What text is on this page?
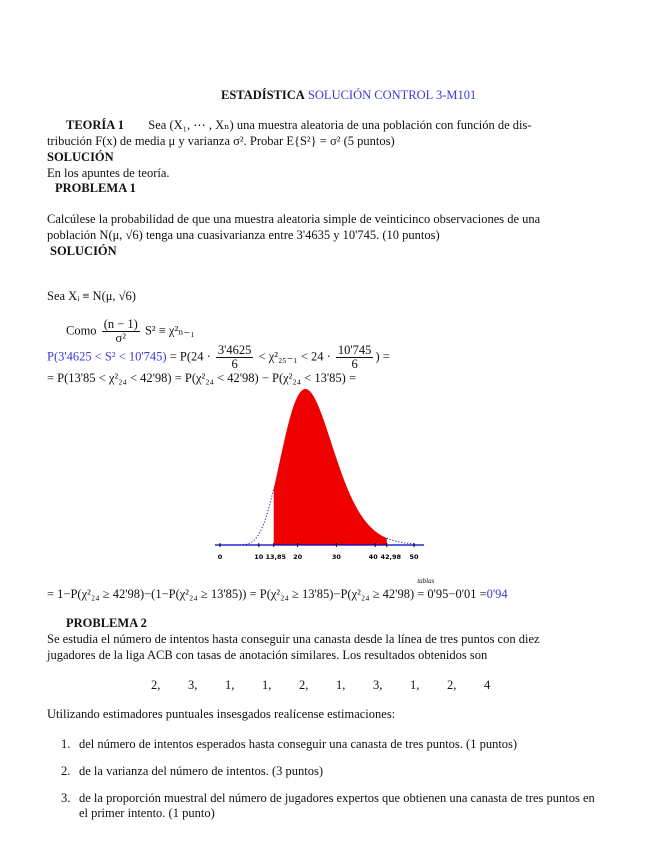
ESTADÍSTICA SOLUCIÓN CONTROL 3-M101
TEORÍA 1 Sea (X₁, ⋯ , Xₙ) una muestra aleatoria de una población con función de dis-
tribución F(x) de media μ y varianza σ². Probar E{S²} = σ² (5 puntos)
SOLUCIÓN
En los apuntes de teoría.
PROBLEMA 1
Calcúlese la probabilidad de que una muestra aleatoria simple de veinticinco observaciones de una
población N(μ, √6) tenga una cuasivarianza entre 3'4635 y 10'745. (10 puntos)
SOLUCIÓN
Sea Xᵢ ≡ N(μ, √6)
Como $\frac{(n - 1)}{\text{σ²}} S^2 \equiv \chi^2_{n-1}$
$P(3'4625 < S^2 < 10'745) = P(24 \cdot \frac{3'4625}{6} < \chi^2_{25-1} < 24 \cdot \frac{10'745}{6}$ ) =
= P(13'85 < χ²₂₄ < 42'98) = P(χ²₂₄ < 42'98) − P(χ²₂₄ < 13'85) =
0	10 13,85 20	30	40 42,98 50
= 1−P(χ²₂₄ ≥ 42'98)−(1−P(χ²₂₄ ≥ 13'85)) = P(χ²₂₄ ≥ 13'85)−P(χ²₂₄ ≥ 42'98)
tablas
= 0'95−0'01 =0'94
PROBLEMA 2
Se estudia el número de intentos hasta conseguir una canasta desde la línea de tres puntos con diez
jugadores de la liga ACB con tasas de anotación similares. Los resultados obtenidos son
2, 3, 1, 1, 2, 1, 3, 1, 2, 4
Utilizando estimadores puntuales insesgados realícense estimaciones:
1. del número de intentos esperados hasta conseguir una canasta de tres puntos. (1 puntos)
2. de la varianza del número de intentos. (3 puntos)
3. de la proporción muestral del número de jugadores expertos que obtienen una canasta de tres puntos en el primer intento. (1 punto)
